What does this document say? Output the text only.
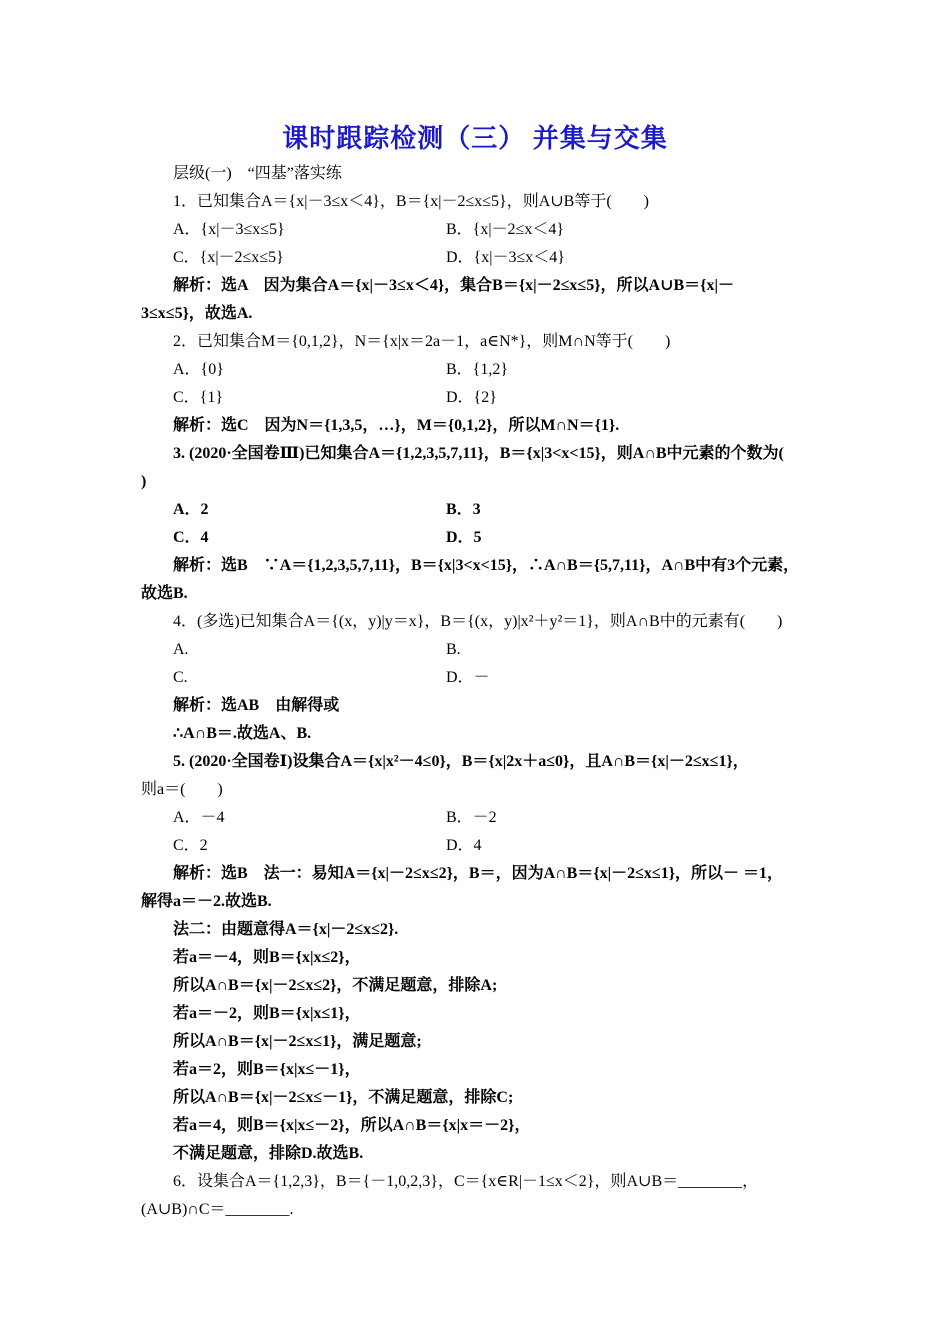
课时跟踪检测（三） 并集与交集
层级(一)　“四基”落实练
1．已知集合A＝{x|－3≤x＜4}，B＝{x|－2≤x≤5}，则A∪B等于(　　)
A．{x|－3≤x≤5}	B．{x|－2≤x＜4}
C．{x|－2≤x≤5}	D．{x|－3≤x＜4}
解析：选A　因为集合A＝{x|－3≤x＜4}，集合B＝{x|－2≤x≤5}，所以A∪B＝{x|－
3≤x≤5}，故选A.
2．已知集合M＝{0,1,2}，N＝{x|x＝2a－1，a∈N*}，则M∩N等于(　　)
A．{0}	B．{1,2}
C．{1}	D．{2}
解析：选C　因为N＝{1,3,5，…}，M＝{0,1,2}，所以M∩N＝{1}.
3. (2020·全国卷Ⅲ)已知集合A＝{1,2,3,5,7,11}，B＝{x|3<x<15}，则A∩B中元素的个数为(
)
A．2	B．3
C．4	D．5
解析：选B　∵A＝{1,2,3,5,7,11}，B＝{x|3<x<15}，∴A∩B＝{5,7,11}，A∩B中有3个元素，
故选B.
4．(多选)已知集合A＝{(x，y)|y＝x}，B＝{(x，y)|x²＋y²＝1}，则A∩B中的元素有(　　)
A.	B.
C.	D．－
解析：选AB　由解得或
∴A∩B＝.故选A、B.
5. (2020·全国卷Ⅰ)设集合A＝{x|x²－4≤0}，B＝{x|2x＋a≤0}，且A∩B＝{x|－2≤x≤1}，
则a＝(　　)
A．－4	B．－2
C．2	D．4
解析：选B　法一：易知A＝{x|－2≤x≤2}，B＝，因为A∩B＝{x|－2≤x≤1}，所以－ ＝1，
解得a＝－2.故选B.
法二：由题意得A＝{x|－2≤x≤2}.
若a＝－4，则B＝{x|x≤2}，
所以A∩B＝{x|－2≤x≤2}，不满足题意，排除A;
若a＝－2，则B＝{x|x≤1}，
所以A∩B＝{x|－2≤x≤1}，满足题意;
若a＝2，则B＝{x|x≤－1}，
所以A∩B＝{x|－2≤x≤－1}，不满足题意，排除C;
若a＝4，则B＝{x|x≤－2}，所以A∩B＝{x|x＝－2}，
不满足题意，排除D.故选B.
6．设集合A＝{1,2,3}，B＝{－1,0,2,3}，C＝{x∈R|－1≤x＜2}，则A∪B＝________，
(A∪B)∩C＝________.
